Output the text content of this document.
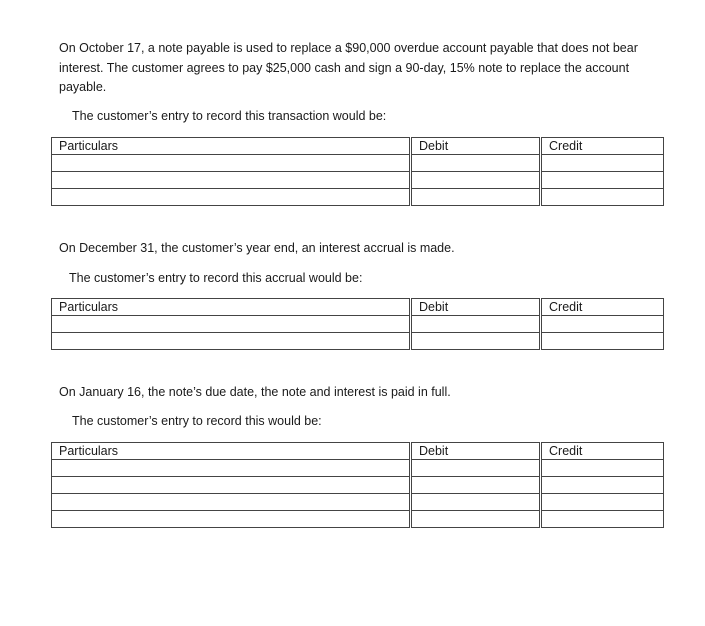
On October 17, a note payable is used to replace a $90,000 overdue account payable that does not bear interest. The customer agrees to pay $25,000 cash and sign a 90-day, 15% note to replace the account payable.

The customer’s entry to record this transaction would be:

Particulars	Debit	Credit

On December 31, the customer’s year end, an interest accrual is made.

The customer’s entry to record this accrual would be:

Particulars	Debit	Credit

On January 16, the note’s due date, the note and interest is paid in full.

The customer’s entry to record this would be:

Particulars	Debit	Credit
